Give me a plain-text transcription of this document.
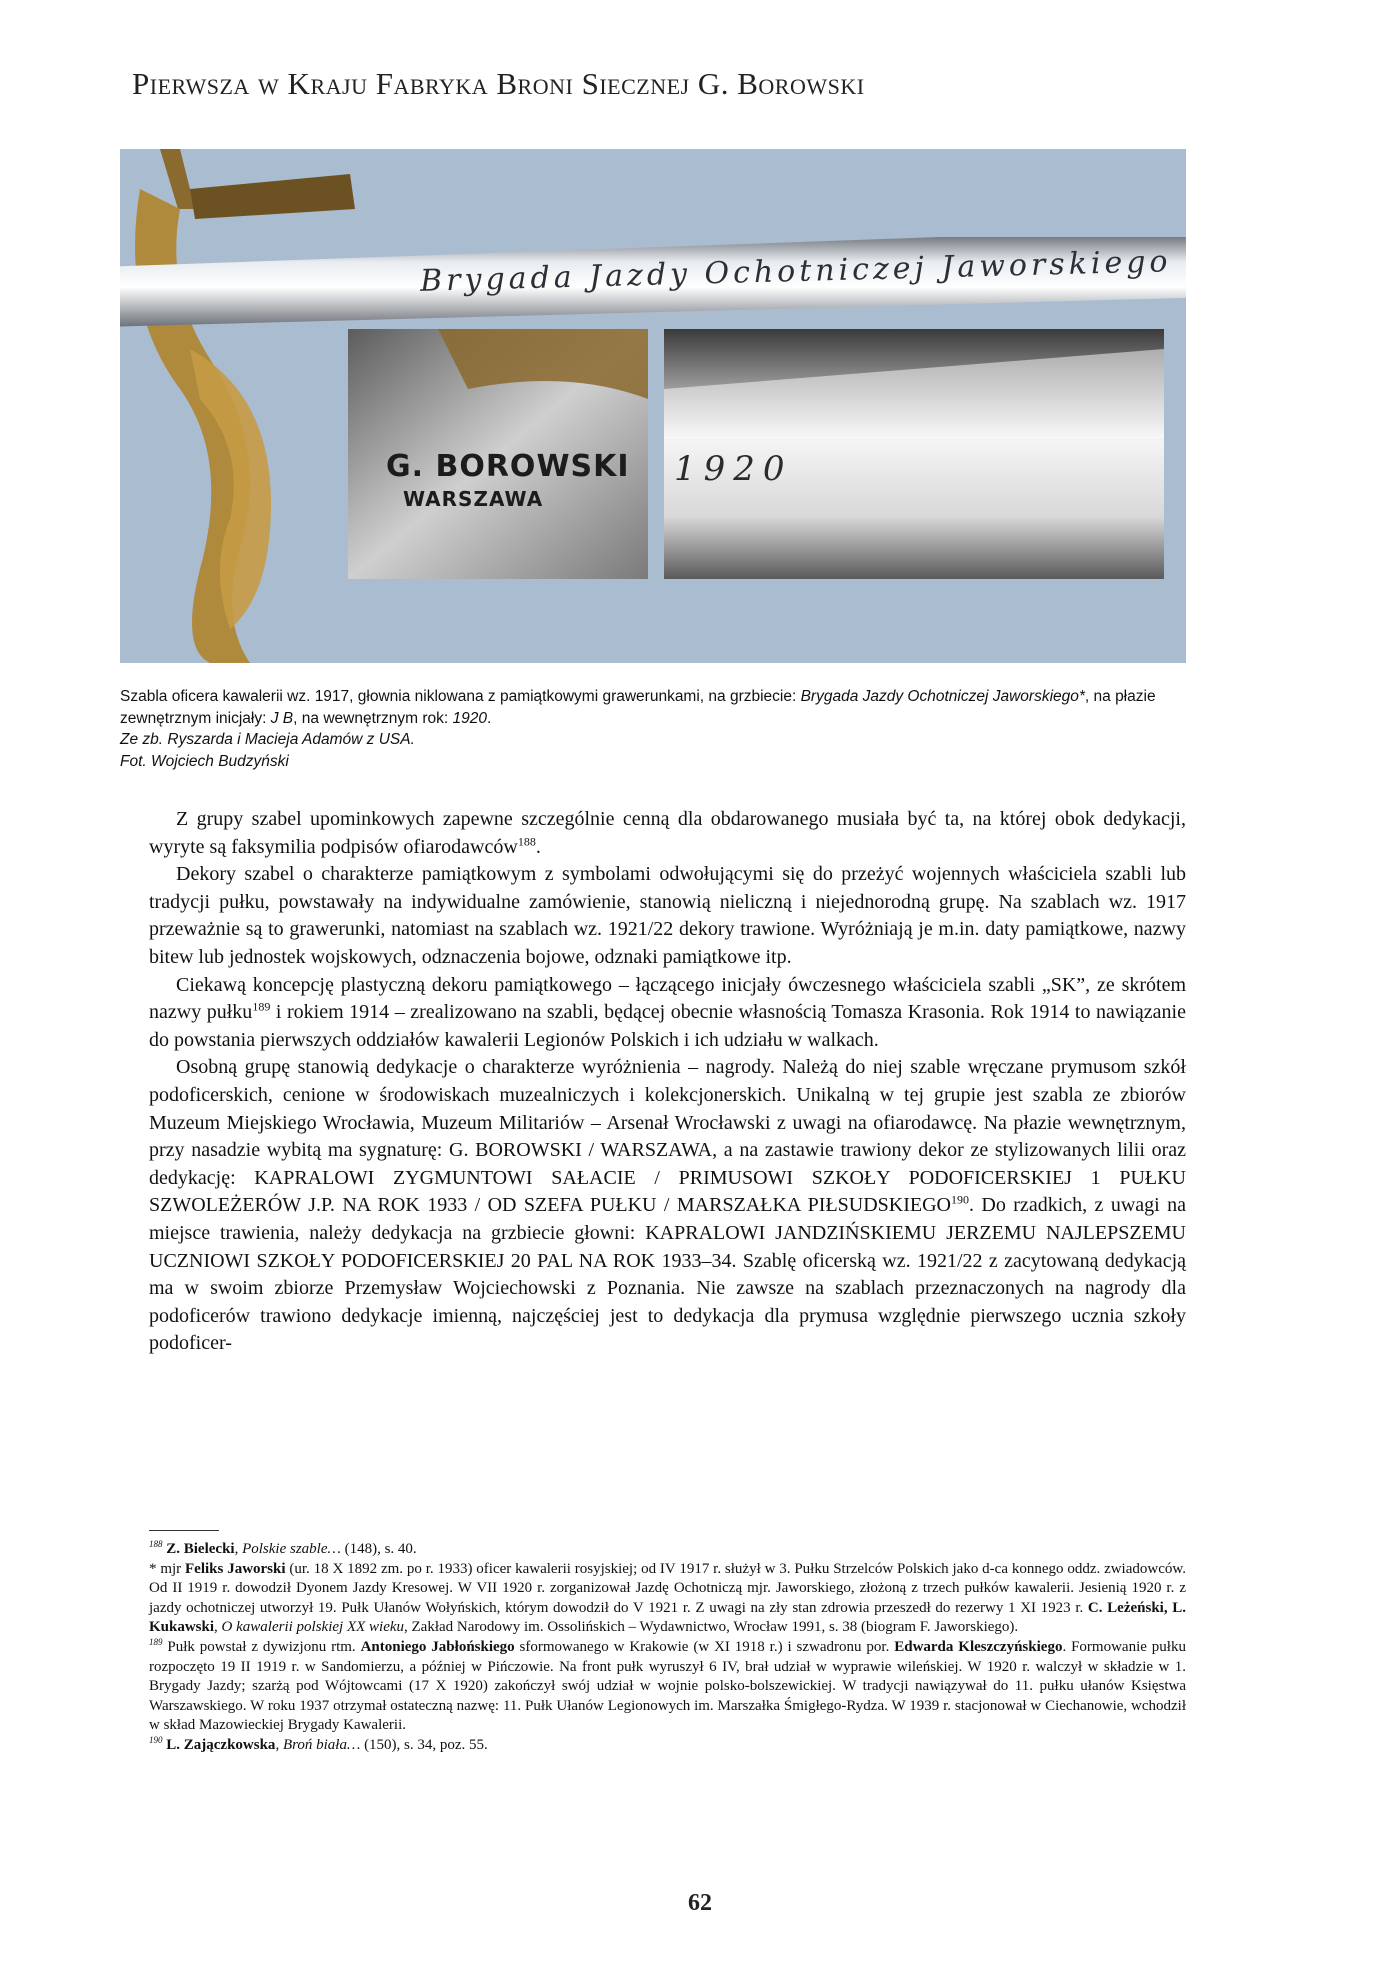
Pierwsza w Kraju Fabryka Broni Siecznej G. Borowski
Brygada Jazdy Ochotniczej Jaworskiego
G. BOROWSKI
WARSZAWA
1920

Szabla oficera kawalerii wz. 1917, głownia niklowana z pamiątkowymi grawerunkami, na grzbiecie: Brygada Jazdy Ochotniczej Jaworskiego*, na płazie zewnętrznym inicjały: J B, na wewnętrznym rok: 1920.

Ze zb. Ryszarda i Macieja Adamów z USA.

Fot. Wojciech Budzyński

Z grupy szabel upominkowych zapewne szczególnie cenną dla obdarowanego musiała być ta, na której obok dedykacji, wyryte są faksymilia podpisów ofiarodawców$^{188}$.

Dekory szabel o charakterze pamiątkowym z symbolami odwołującymi się do przeżyć wojennych właściciela szabli lub tradycji pułku, powstawały na indywidualne zamówienie, stanowią nieliczną i niejednorodną grupę. Na szablach wz. 1917 przeważnie są to grawerunki, natomiast na szablach wz. 1921/22 dekory trawione. Wyróżniają je m.in. daty pamiątkowe, nazwy bitew lub jednostek wojskowych, odznaczenia bojowe, odznaki pamiątkowe itp.

Ciekawą koncepcję plastyczną dekoru pamiątkowego – łączącego inicjały ówczesnego właściciela szabli „SK”, ze skrótem nazwy pułku$^{189}$ i rokiem 1914 – zrealizowano na szabli, będącej obecnie własnością Tomasza Krasonia. Rok 1914 to nawiązanie do powstania pierwszych oddziałów kawalerii Legionów Polskich i ich udziału w walkach.

Osobną grupę stanowią dedykacje o charakterze wyróżnienia – nagrody. Należą do niej szable wręczane prymusom szkół podoficerskich, cenione w środowiskach muzealniczych i kolekcjonerskich. Unikalną w tej grupie jest szabla ze zbiorów Muzeum Miejskiego Wrocławia, Muzeum Militariów – Arsenał Wrocławski z uwagi na ofiarodawcę. Na płazie wewnętrznym, przy nasadzie wybitą ma sygnaturę: G. BOROWSKI / WARSZAWA, a na zastawie trawiony dekor ze stylizowanych lilii oraz dedykację: KAPRALOWI ZYGMUNTOWI SAŁACIE / PRIMUSOWI SZKOŁY PODOFICERSKIEJ 1 PUŁKU SZWOLEŻERÓW J.P. NA ROK 1933 / OD SZEFA PUŁKU / MARSZAŁKA PIŁSUDSKIEGO$^{190}$. Do rzadkich, z uwagi na miejsce trawienia, należy dedykacja na grzbiecie głowni: KAPRALOWI JANDZIŃSKIEMU JERZEMU NAJLEPSZEMU UCZNIOWI SZKOŁY PODOFICERSKIEJ 20 PAL NA ROK 1933–34. Szablę oficerską wz. 1921/22 z zacytowaną dedykacją ma w swoim zbiorze Przemysław Wojciechowski z Poznania. Nie zawsze na szablach przeznaczonych na nagrody dla podoficerów trawiono dedykacje imienną, najczęściej jest to dedykacja dla prymusa względnie pierwszego ucznia szkoły podoficer-

$^{188}$ Z. Bielecki, Polskie szable… (148), s. 40.

* mjr Feliks Jaworski (ur. 18 X 1892 zm. po r. 1933) oficer kawalerii rosyjskiej; od IV 1917 r. służył w 3. Pułku Strzelców Polskich jako d-ca konnego oddz. zwiadowców. Od II 1919 r. dowodził Dyonem Jazdy Kresowej. W VII 1920 r. zorganizował Jazdę Ochotniczą mjr. Jaworskiego, złożoną z trzech pułków kawalerii. Jesienią 1920 r. z jazdy ochotniczej utworzył 19. Pułk Ułanów Wołyńskich, którym dowodził do V 1921 r. Z uwagi na zły stan zdrowia przeszedł do rezerwy 1 XI 1923 r. C. Leżeński, L. Kukawski, O kawalerii polskiej XX wieku, Zakład Narodowy im. Ossolińskich – Wydawnictwo, Wrocław 1991, s. 38 (biogram F. Jaworskiego).

$^{189}$ Pułk powstał z dywizjonu rtm. Antoniego Jabłońskiego sformowanego w Krakowie (w XI 1918 r.) i szwadronu por. Edwarda Kleszczyńskiego. Formowanie pułku rozpoczęto 19 II 1919 r. w Sandomierzu, a później w Pińczowie. Na front pułk wyruszył 6 IV, brał udział w wyprawie wileńskiej. W 1920 r. walczył w składzie w 1. Brygady Jazdy; szarżą pod Wójtowcami (17 X 1920) zakończył swój udział w wojnie polsko-bolszewickiej. W tradycji nawiązywał do 11. pułku ułanów Księstwa Warszawskiego. W roku 1937 otrzymał ostateczną nazwę: 11. Pułk Ułanów Legionowych im. Marszałka Śmigłego-Rydza. W 1939 r. stacjonował w Ciechanowie, wchodził w skład Mazowieckiej Brygady Kawalerii.

$^{190}$ L. Zajączkowska, Broń biała… (150), s. 34, poz. 55.

62
